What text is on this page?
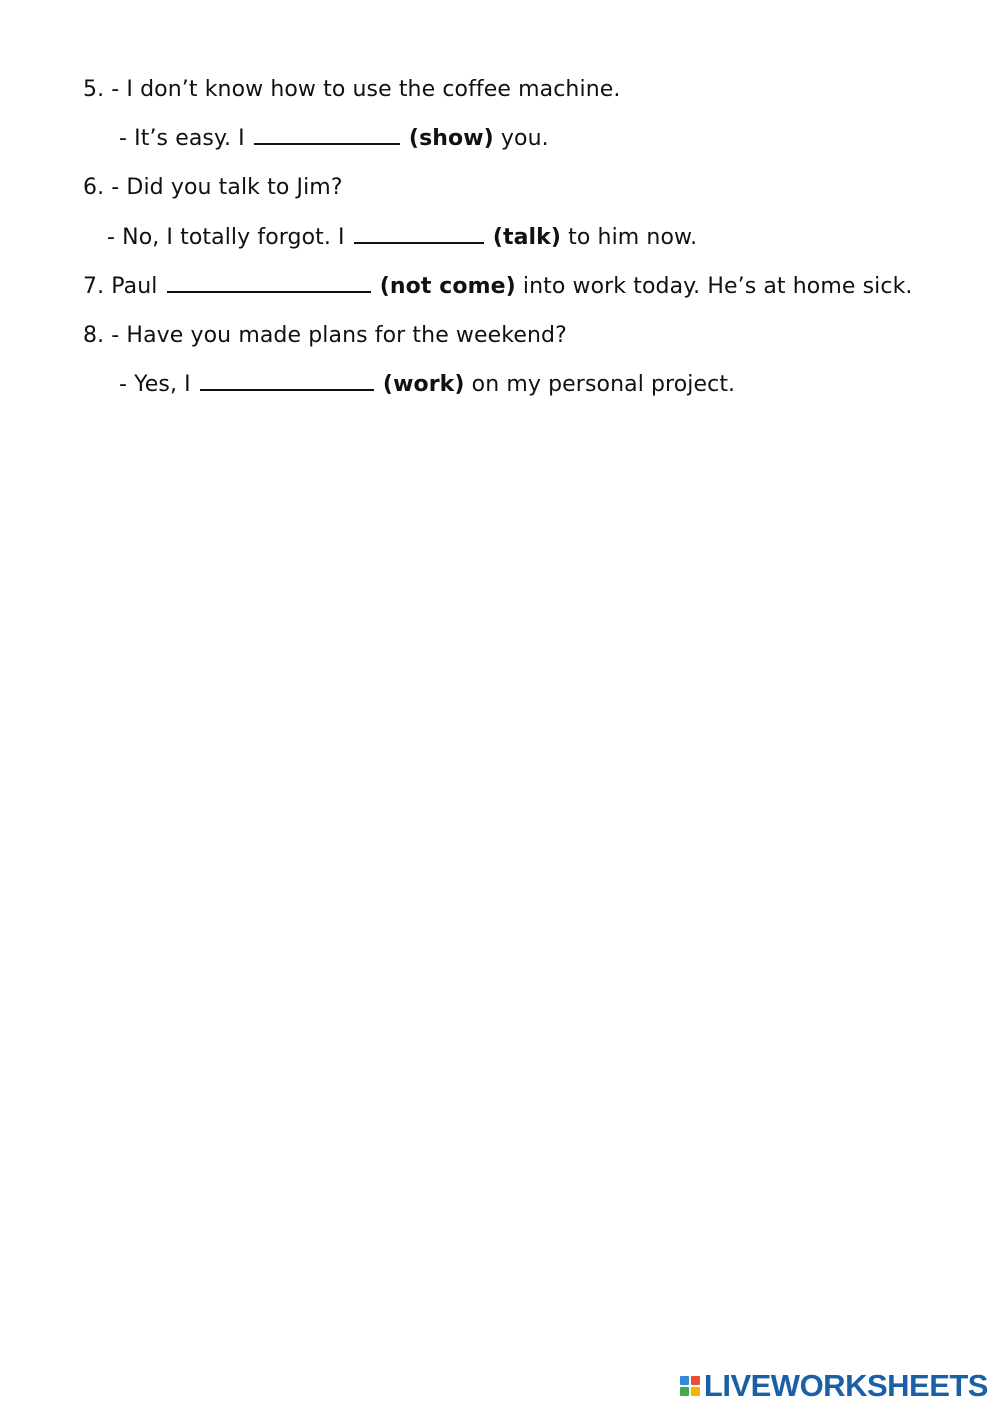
5. - I don’t know how to use the coffee machine.
- It’s easy. I	(show) you.
6. - Did you talk to Jim?
- No, I totally forgot. I	(talk) to him now.
7. Paul	(not come) into work today. He’s at home sick.
8. - Have you made plans for the weekend?
- Yes, I	(work) on my personal project.
LIVEWORKSHEETS
